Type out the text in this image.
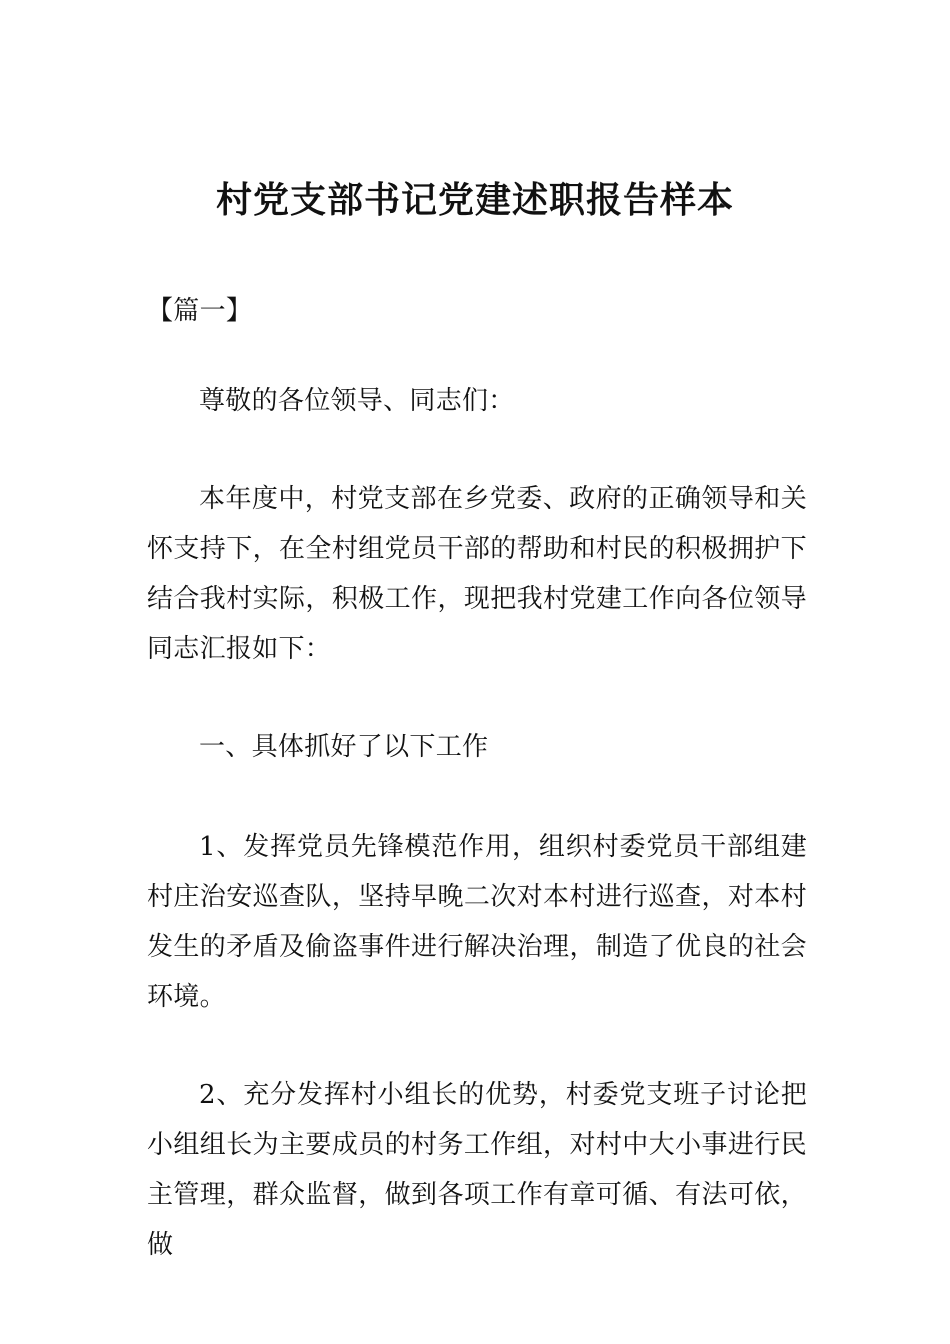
村党支部书记党建述职报告样本

【篇一】

尊敬的各位领导、同志们：

本年度中，村党支部在乡党委、政府的正确领导和关怀支持下，在全村组党员干部的帮助和村民的积极拥护下结合我村实际，积极工作，现把我村党建工作向各位领导同志汇报如下：

一、具体抓好了以下工作

1、发挥党员先锋模范作用，组织村委党员干部组建村庄治安巡查队，坚持早晚二次对本村进行巡查，对本村发生的矛盾及偷盗事件进行解决治理，制造了优良的社会环境。

2、充分发挥村小组长的优势，村委党支班子讨论把小组组长为主要成员的村务工作组，对村中大小事进行民主管理，群众监督，做到各项工作有章可循、有法可依，做
